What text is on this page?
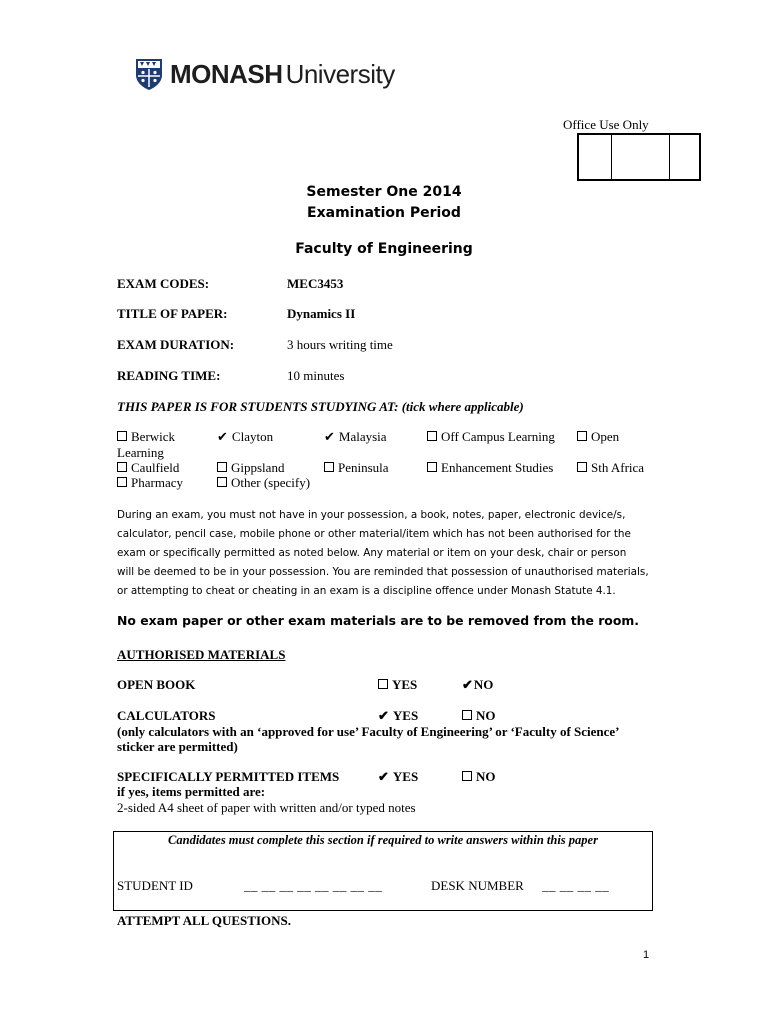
MONASH University
Office Use Only
Semester One 2014
Examination Period
Faculty of Engineering
EXAM CODES:	MEC3453
TITLE OF PAPER:	Dynamics II
EXAM DURATION:	3 hours writing time
READING TIME:	10 minutes
THIS PAPER IS FOR STUDENTS STUDYING AT: (tick where applicable)
Berwick	✔ Clayton	✔ Malaysia	Off Campus Learning	Open
Learning
Caulfield	Gippsland	Peninsula	Enhancement Studies	Sth Africa
Pharmacy	Other (specify)
During an exam, you must not have in your possession, a book, notes, paper, electronic device/s,
calculator, pencil case, mobile phone or other material/item which has not been authorised for the
exam or specifically permitted as noted below. Any material or item on your desk, chair or person
will be deemed to be in your possession. You are reminded that possession of unauthorised materials,
or attempting to cheat or cheating in an exam is a discipline offence under Monash Statute 4.1.
No exam paper or other exam materials are to be removed from the room.
AUTHORISED MATERIALS
OPEN BOOK	YES	✔NO
CALCULATORS	✔ YES	NO
(only calculators with an ‘approved for use’ Faculty of Engineering’ or ‘Faculty of Science’
sticker are permitted)
SPECIFICALLY PERMITTED ITEMS	✔ YES	NO
if yes, items permitted are:
2-sided A4 sheet of paper with written and/or typed notes
Candidates must complete this section if required to write answers within this paper
STUDENT ID	__ __ __ __ __ __ __ __	DESK NUMBER __ __ __ __
ATTEMPT ALL QUESTIONS.
1
